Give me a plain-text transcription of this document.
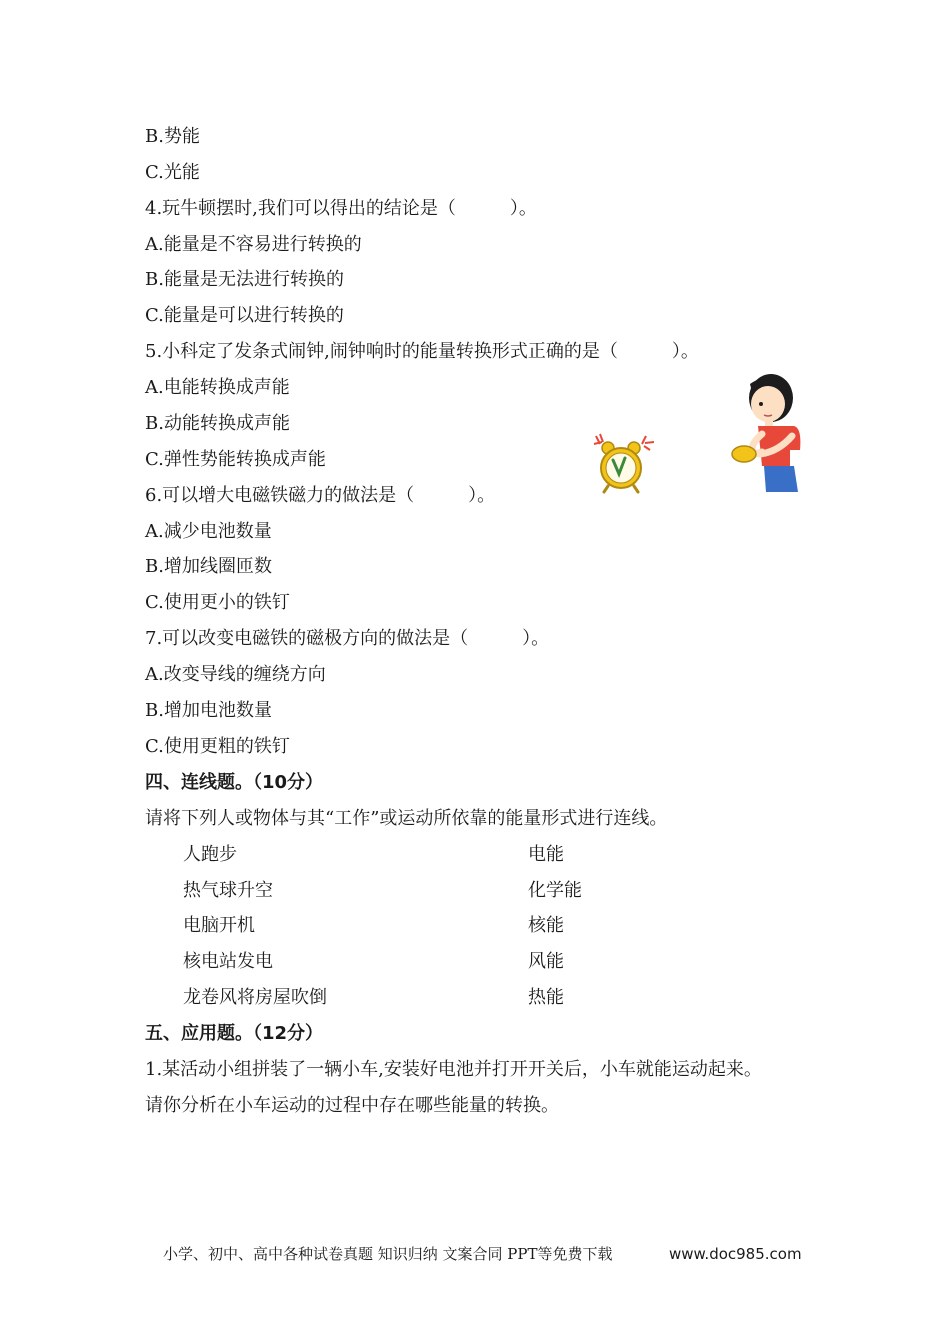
B.势能
C.光能
4.玩牛顿摆时,我们可以得出的结论是（　　　）。
A.能量是不容易进行转换的
B.能量是无法进行转换的
C.能量是可以进行转换的
5.小科定了发条式闹钟,闹钟响时的能量转换形式正确的是（　　　）。
A.电能转换成声能
B.动能转换成声能
C.弹性势能转换成声能
6.可以增大电磁铁磁力的做法是（　　　）。
A.减少电池数量
B.增加线圈匝数
C.使用更小的铁钉
7.可以改变电磁铁的磁极方向的做法是（　　　）。
A.改变导线的缠绕方向
B.增加电池数量
C.使用更粗的铁钉
四、连线题。（10分）
请将下列人或物体与其“工作”或运动所依靠的能量形式进行连线。
人跑步
热气球升空
电脑开机
核电站发电
龙卷风将房屋吹倒
电能
化学能
核能
风能
热能
五、应用题。（12分）
1.某活动小组拼装了一辆小车,安装好电池并打开开关后，小车就能运动起来。
请你分析在小车运动的过程中存在哪些能量的转换。
小学、初中、高中各种试卷真题 知识归纳 文案合同 PPT等免费下载	www.doc985.com
